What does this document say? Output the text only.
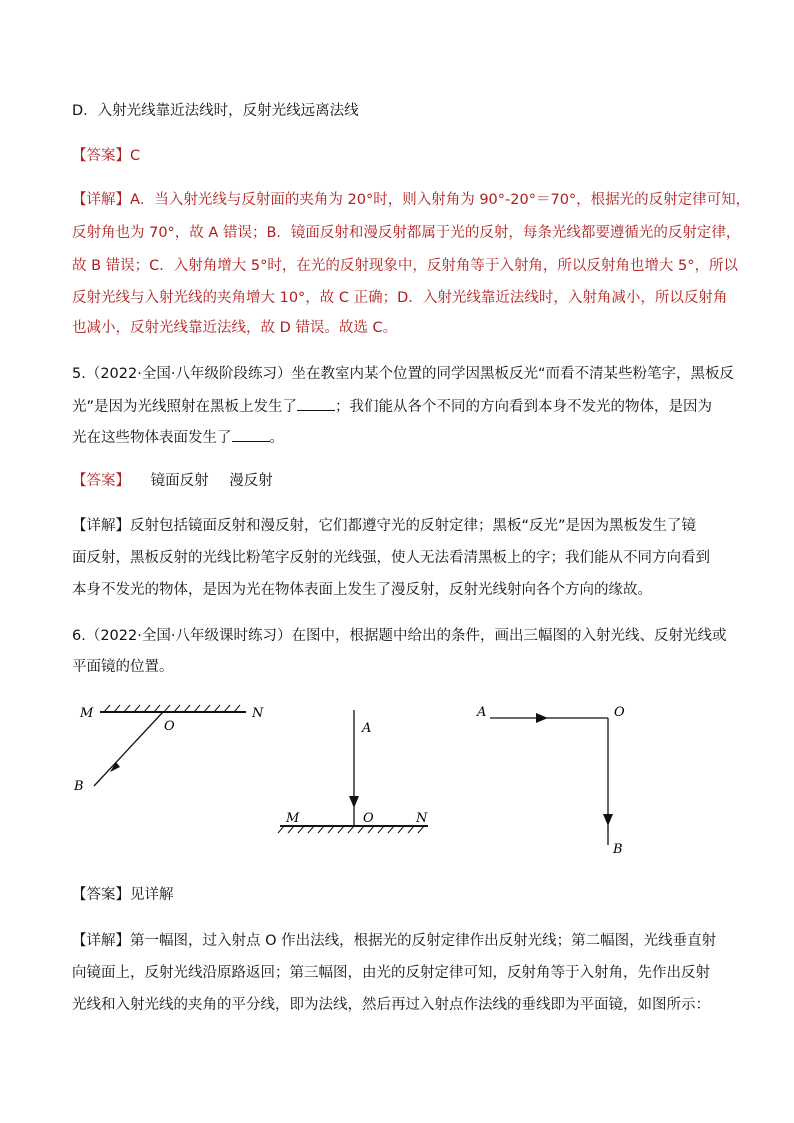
D．入射光线靠近法线时，反射光线远离法线
【答案】C
【详解】A．当入射光线与反射面的夹角为 20°时，则入射角为 90°-20°＝70°，根据光的反射定律可知，
反射角也为 70°，故 A 错误；B．镜面反射和漫反射都属于光的反射，每条光线都要遵循光的反射定律，
故 B 错误；C．入射角增大 5°时，在光的反射现象中，反射角等于入射角，所以反射角也增大 5°，所以
反射光线与入射光线的夹角增大 10°，故 C 正确；D．入射光线靠近法线时，入射角减小，所以反射角
也减小，反射光线靠近法线，故 D 错误。故选 C。
5.（2022·全国·八年级阶段练习）坐在教室内某个位置的同学因黑板反光“而看不清某些粉笔字，黑板反
光”是因为光线照射在黑板上发生了	；我们能从各个不同的方向看到本身不发光的物体，是因为
光在这些物体表面发生了	。
【答案】 镜面反射 漫反射
【详解】反射包括镜面反射和漫反射，它们都遵守光的反射定律；黑板“反光”是因为黑板发生了镜
面反射，黑板反射的光线比粉笔字反射的光线强，使人无法看清黑板上的字；我们能从不同方向看到
本身不发光的物体，是因为光在物体表面上发生了漫反射，反射光线射向各个方向的缘故。
6.（2022·全国·八年级课时练习）在图中，根据题中给出的条件，画出三幅图的入射光线、反射光线或
平面镜的位置。
M	N
O
B
A
M	O	N
A	O
B
【答案】见详解
【详解】第一幅图，过入射点 O 作出法线，根据光的反射定律作出反射光线；第二幅图，光线垂直射
向镜面上，反射光线沿原路返回；第三幅图，由光的反射定律可知，反射角等于入射角，先作出反射
光线和入射光线的夹角的平分线，即为法线，然后再过入射点作法线的垂线即为平面镜，如图所示：
